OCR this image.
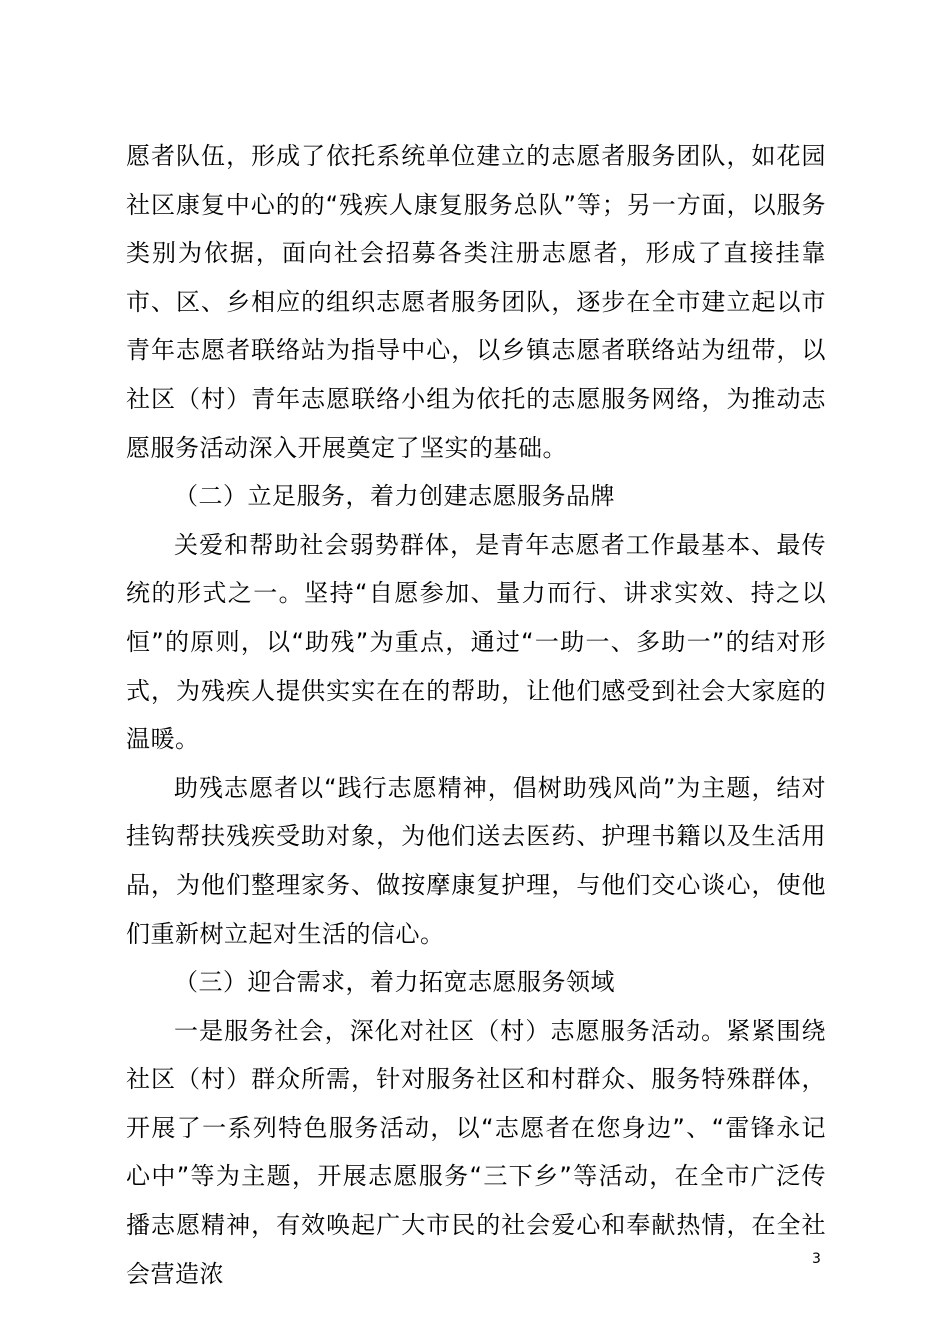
愿者队伍，形成了依托系统单位建立的志愿者服务团队，如花园社区康复中心的的“残疾人康复服务总队”等；另一方面，以服务类别为依据，面向社会招募各类注册志愿者，形成了直接挂靠市、区、乡相应的组织志愿者服务团队，逐步在全市建立起以市青年志愿者联络站为指导中心，以乡镇志愿者联络站为纽带，以社区（村）青年志愿联络小组为依托的志愿服务网络，为推动志愿服务活动深入开展奠定了坚实的基础。

（二）立足服务，着力创建志愿服务品牌

关爱和帮助社会弱势群体，是青年志愿者工作最基本、最传统的形式之一。坚持“自愿参加、量力而行、讲求实效、持之以恒”的原则，以“助残”为重点，通过“一助一、多助一”的结对形式，为残疾人提供实实在在的帮助，让他们感受到社会大家庭的温暖。

助残志愿者以“践行志愿精神，倡树助残风尚”为主题，结对挂钩帮扶残疾受助对象，为他们送去医药、护理书籍以及生活用品，为他们整理家务、做按摩康复护理，与他们交心谈心，使他们重新树立起对生活的信心。

（三）迎合需求，着力拓宽志愿服务领域

一是服务社会，深化对社区（村）志愿服务活动。紧紧围绕社区（村）群众所需，针对服务社区和村群众、服务特殊群体，开展了一系列特色服务活动，以“志愿者在您身边”、“雷锋永记心中”等为主题，开展志愿服务“三下乡”等活动，在全市广泛传播志愿精神，有效唤起广大市民的社会爱心和奉献热情，在全社会营造浓

3
